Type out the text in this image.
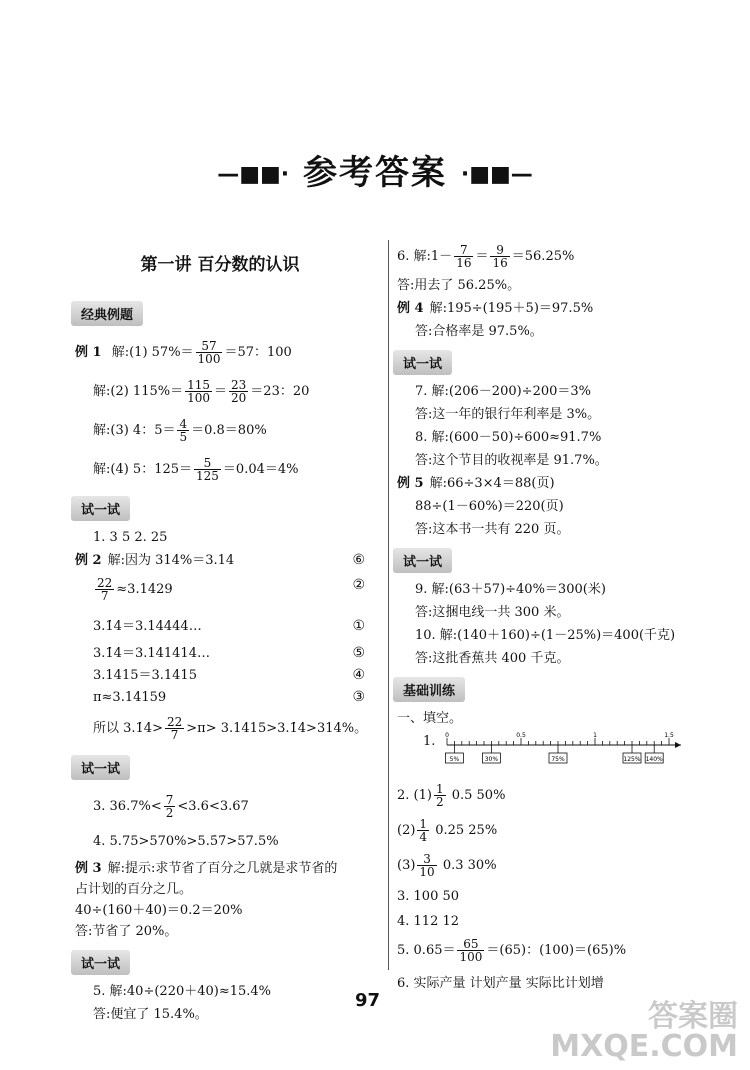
—■■· 参考答案 ·■■—
第一讲 百分数的认识
经典例题
例 1 解:(1) $57\%= \frac{57}{100} =57$：100
解:(2) $115\%= \frac{115}{100} = \frac{23}{20} =23$：20
解:(3) 4：$5= \frac{4}{5} =0.8=80\%$
解:(4) 5：$125= \frac{5}{125} =0.04=4\%$
试一试
1. 3 5 2. 25
例 2 解:因为 314%＝3.14	⑥
$\frac{22}{7} \approx 3.1429$	②
3.1̇4̇＝3.14444…	①
3.1̇4̇＝3.141414…	⑤
3.1415＝3.1415	④
π≈3.14159	③
所以 3.1̇4̇> $\frac{22}{7} >\pi>$ 3.1415>3.1̇4̇>314%。
试一试
3. $36.7\%< \frac{7}{2} <3.6<3.67$
4. 5.75>570%>5.5̇7̇>57.5%
例 3 解:提示:求节省了百分之几就是求节省的
占计划的百分之几。
40÷(160＋40)＝0.2＝20%
答:节省了 20%。
试一试
5. 解:40÷(220＋40)≈15.4%
答:便宜了 15.4%。
6. 解:1－ $\frac{7}{16} = \frac{9}{16} =56.25\%$
答:用去了 56.25%。
例 4 解:195÷(195＋5)＝97.5%
答:合格率是 97.5%。
试一试
7. 解:(206－200)÷200＝3%
答:这一年的银行年利率是 3%。
8. 解:(600－50)÷600≈91.7%
答:这个节目的收视率是 91.7%。
例 5 解:66÷3×4＝88(页)
88÷(1－60%)＝220(页)
答:这本书一共有 220 页。
试一试
9. 解:(63＋57)÷40%＝300(米)
答:这捆电线一共 300 米。
10. 解:(140＋160)÷(1－25%)＝400(千克)
答:这批香蕉共 400 千克。
基础训练
一、填空。
1. 0	0.5	1	1.5
5%	30%	75%	125% 140%
2. $(1) \frac{1}{2} 0.5$ 50%
$(2) \frac{1}{4} 0.25$ 25%
$(3) \frac{3}{10} 0.3$ 30%
3. 100 50
4. 112 12
5. $0.65= \frac{65}{100} =(65)$：(100)＝(65)%
6. 实际产量 计划产量 实际比计划增
97	答案圈
MXQE.COM
